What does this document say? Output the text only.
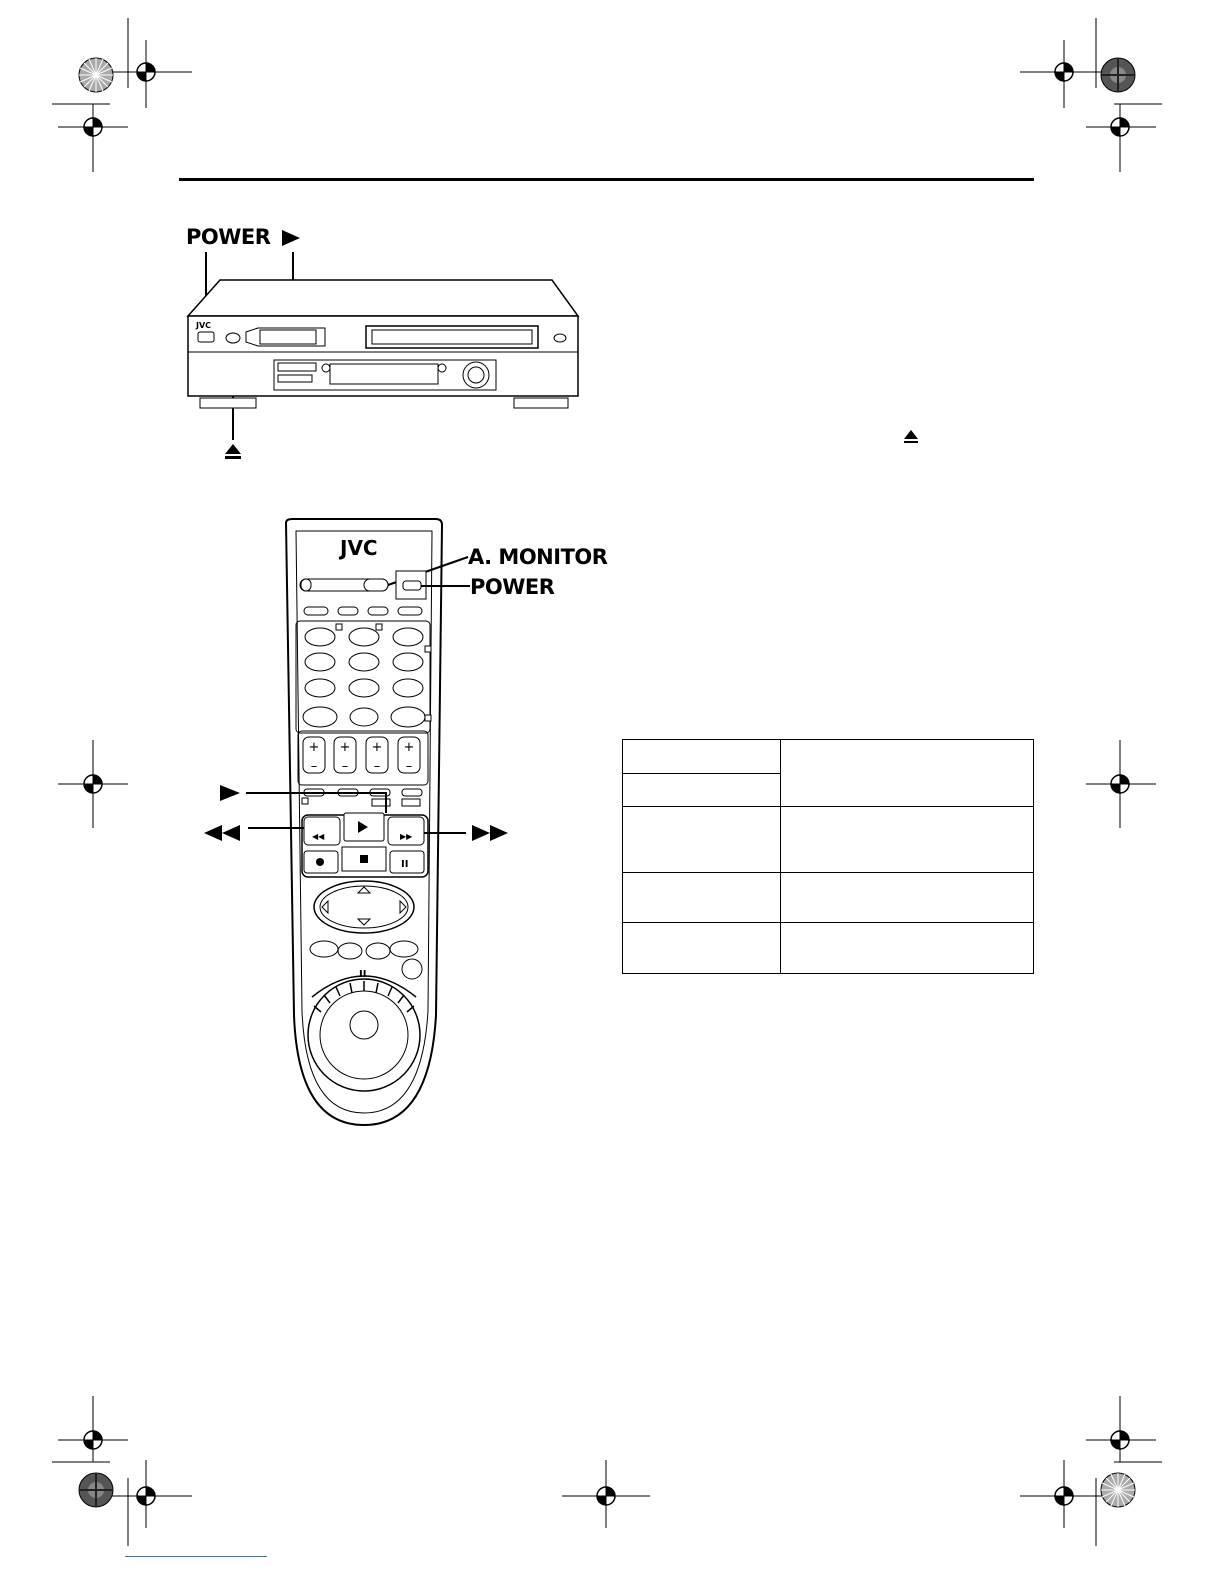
POWER
JVC
A. MONITOR
POWER
JVC
+ + + +
– – – –
◀◀	▶▶
II
II
